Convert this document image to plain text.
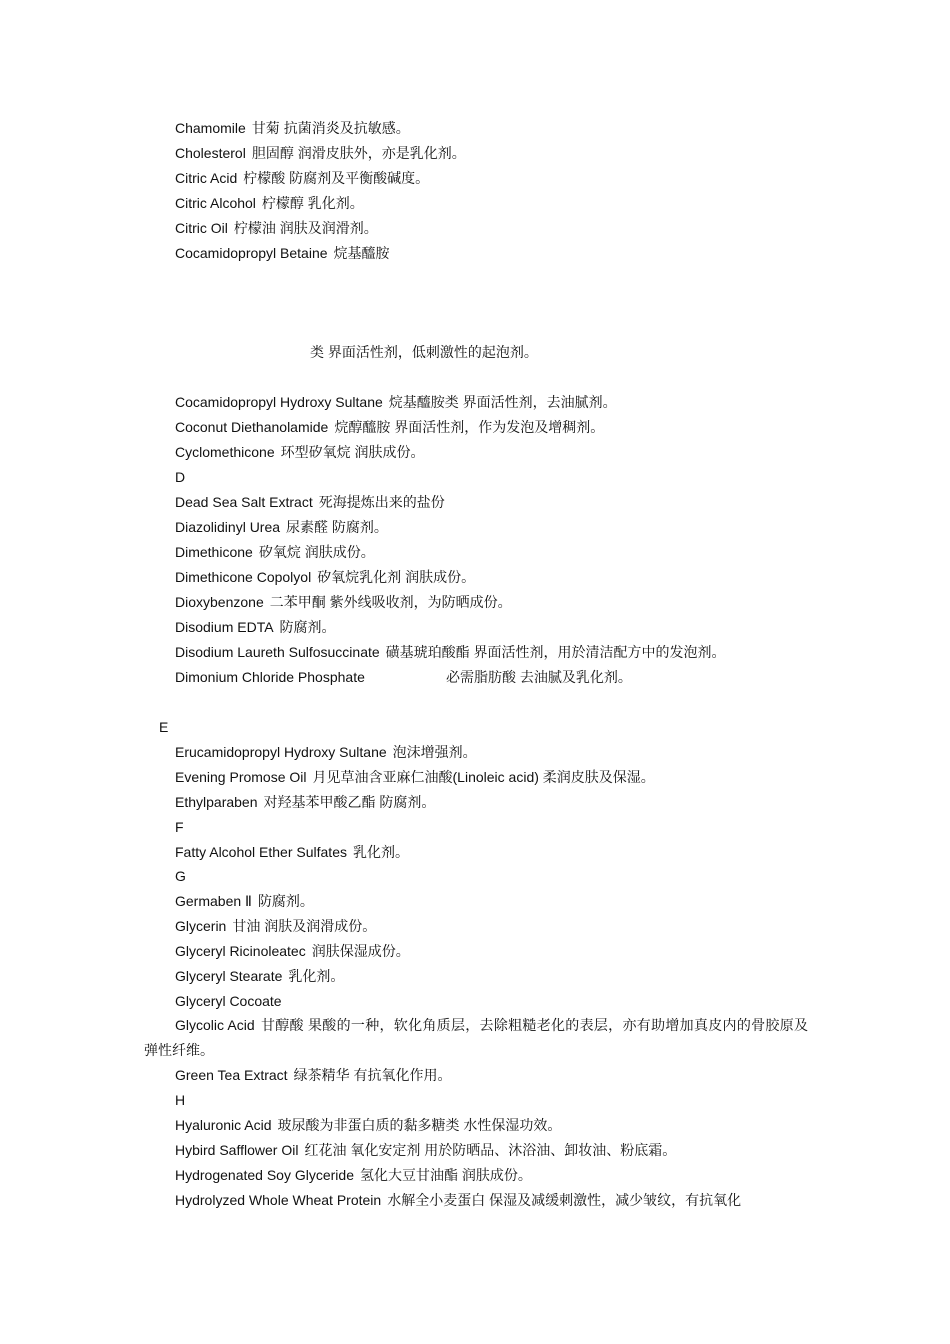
Chamomile 甘菊 抗菌消炎及抗敏感。
Cholesterol 胆固醇 润滑皮肤外，亦是乳化剂。
Citric Acid 柠檬酸 防腐剂及平衡酸碱度。
Citric Alcohol 柠檬醇 乳化剂。
Citric Oil 柠檬油 润肤及润滑剂。
Cocamidopropyl Betaine 烷基醯胺
类 界面活性剂，低刺激性的起泡剂。
Cocamidopropyl Hydroxy Sultane 烷基醯胺类 界面活性剂，去油腻剂。
Coconut Diethanolamide 烷醇醯胺 界面活性剂，作为发泡及增稠剂。
Cyclomethicone 环型矽氧烷 润肤成份。
D
Dead Sea Salt Extract 死海提炼出来的盐份
Diazolidinyl Urea 尿素醛 防腐剂。
Dimethicone 矽氧烷 润肤成份。
Dimethicone Copolyol 矽氧烷乳化剂 润肤成份。
Dioxybenzone 二苯甲酮 紫外线吸收剂，为防晒成份。
Disodium EDTA 防腐剂。
Disodium Laureth Sulfosuccinate 磺基琥珀酸酯 界面活性剂，用於清洁配方中的发泡剂。
Dimonium Chloride Phosphate	必需脂肪酸 去油腻及乳化剂。
E
Erucamidopropyl Hydroxy Sultane 泡沫增强剂。
Evening Promose Oil 月见草油含亚麻仁油酸(Linoleic acid) 柔润皮肤及保湿。
Ethylparaben 对羟基苯甲酸乙酯 防腐剂。
F
Fatty Alcohol Ether Sulfates 乳化剂。
G
Germaben Ⅱ 防腐剂。
Glycerin 甘油 润肤及润滑成份。
Glyceryl Ricinoleatec 润肤保湿成份。
Glyceryl Stearate 乳化剂。
Glyceryl Cocoate
Glycolic Acid 甘醇酸 果酸的一种，软化角质层，去除粗糙老化的表层，亦有助增加真皮内的骨胶原及弹性纤维。
Green Tea Extract 绿茶精华 有抗氧化作用。
H
Hyaluronic Acid 玻尿酸为非蛋白质的黏多糖类 水性保湿功效。
Hybird Safflower Oil 红花油 氧化安定剂 用於防晒品、沐浴油、卸妆油、粉底霜。
Hydrogenated Soy Glyceride 氢化大豆甘油酯 润肤成份。
Hydrolyzed Whole Wheat Protein 水解全小麦蛋白 保湿及减缓刺激性，减少皱纹，有抗氧化
